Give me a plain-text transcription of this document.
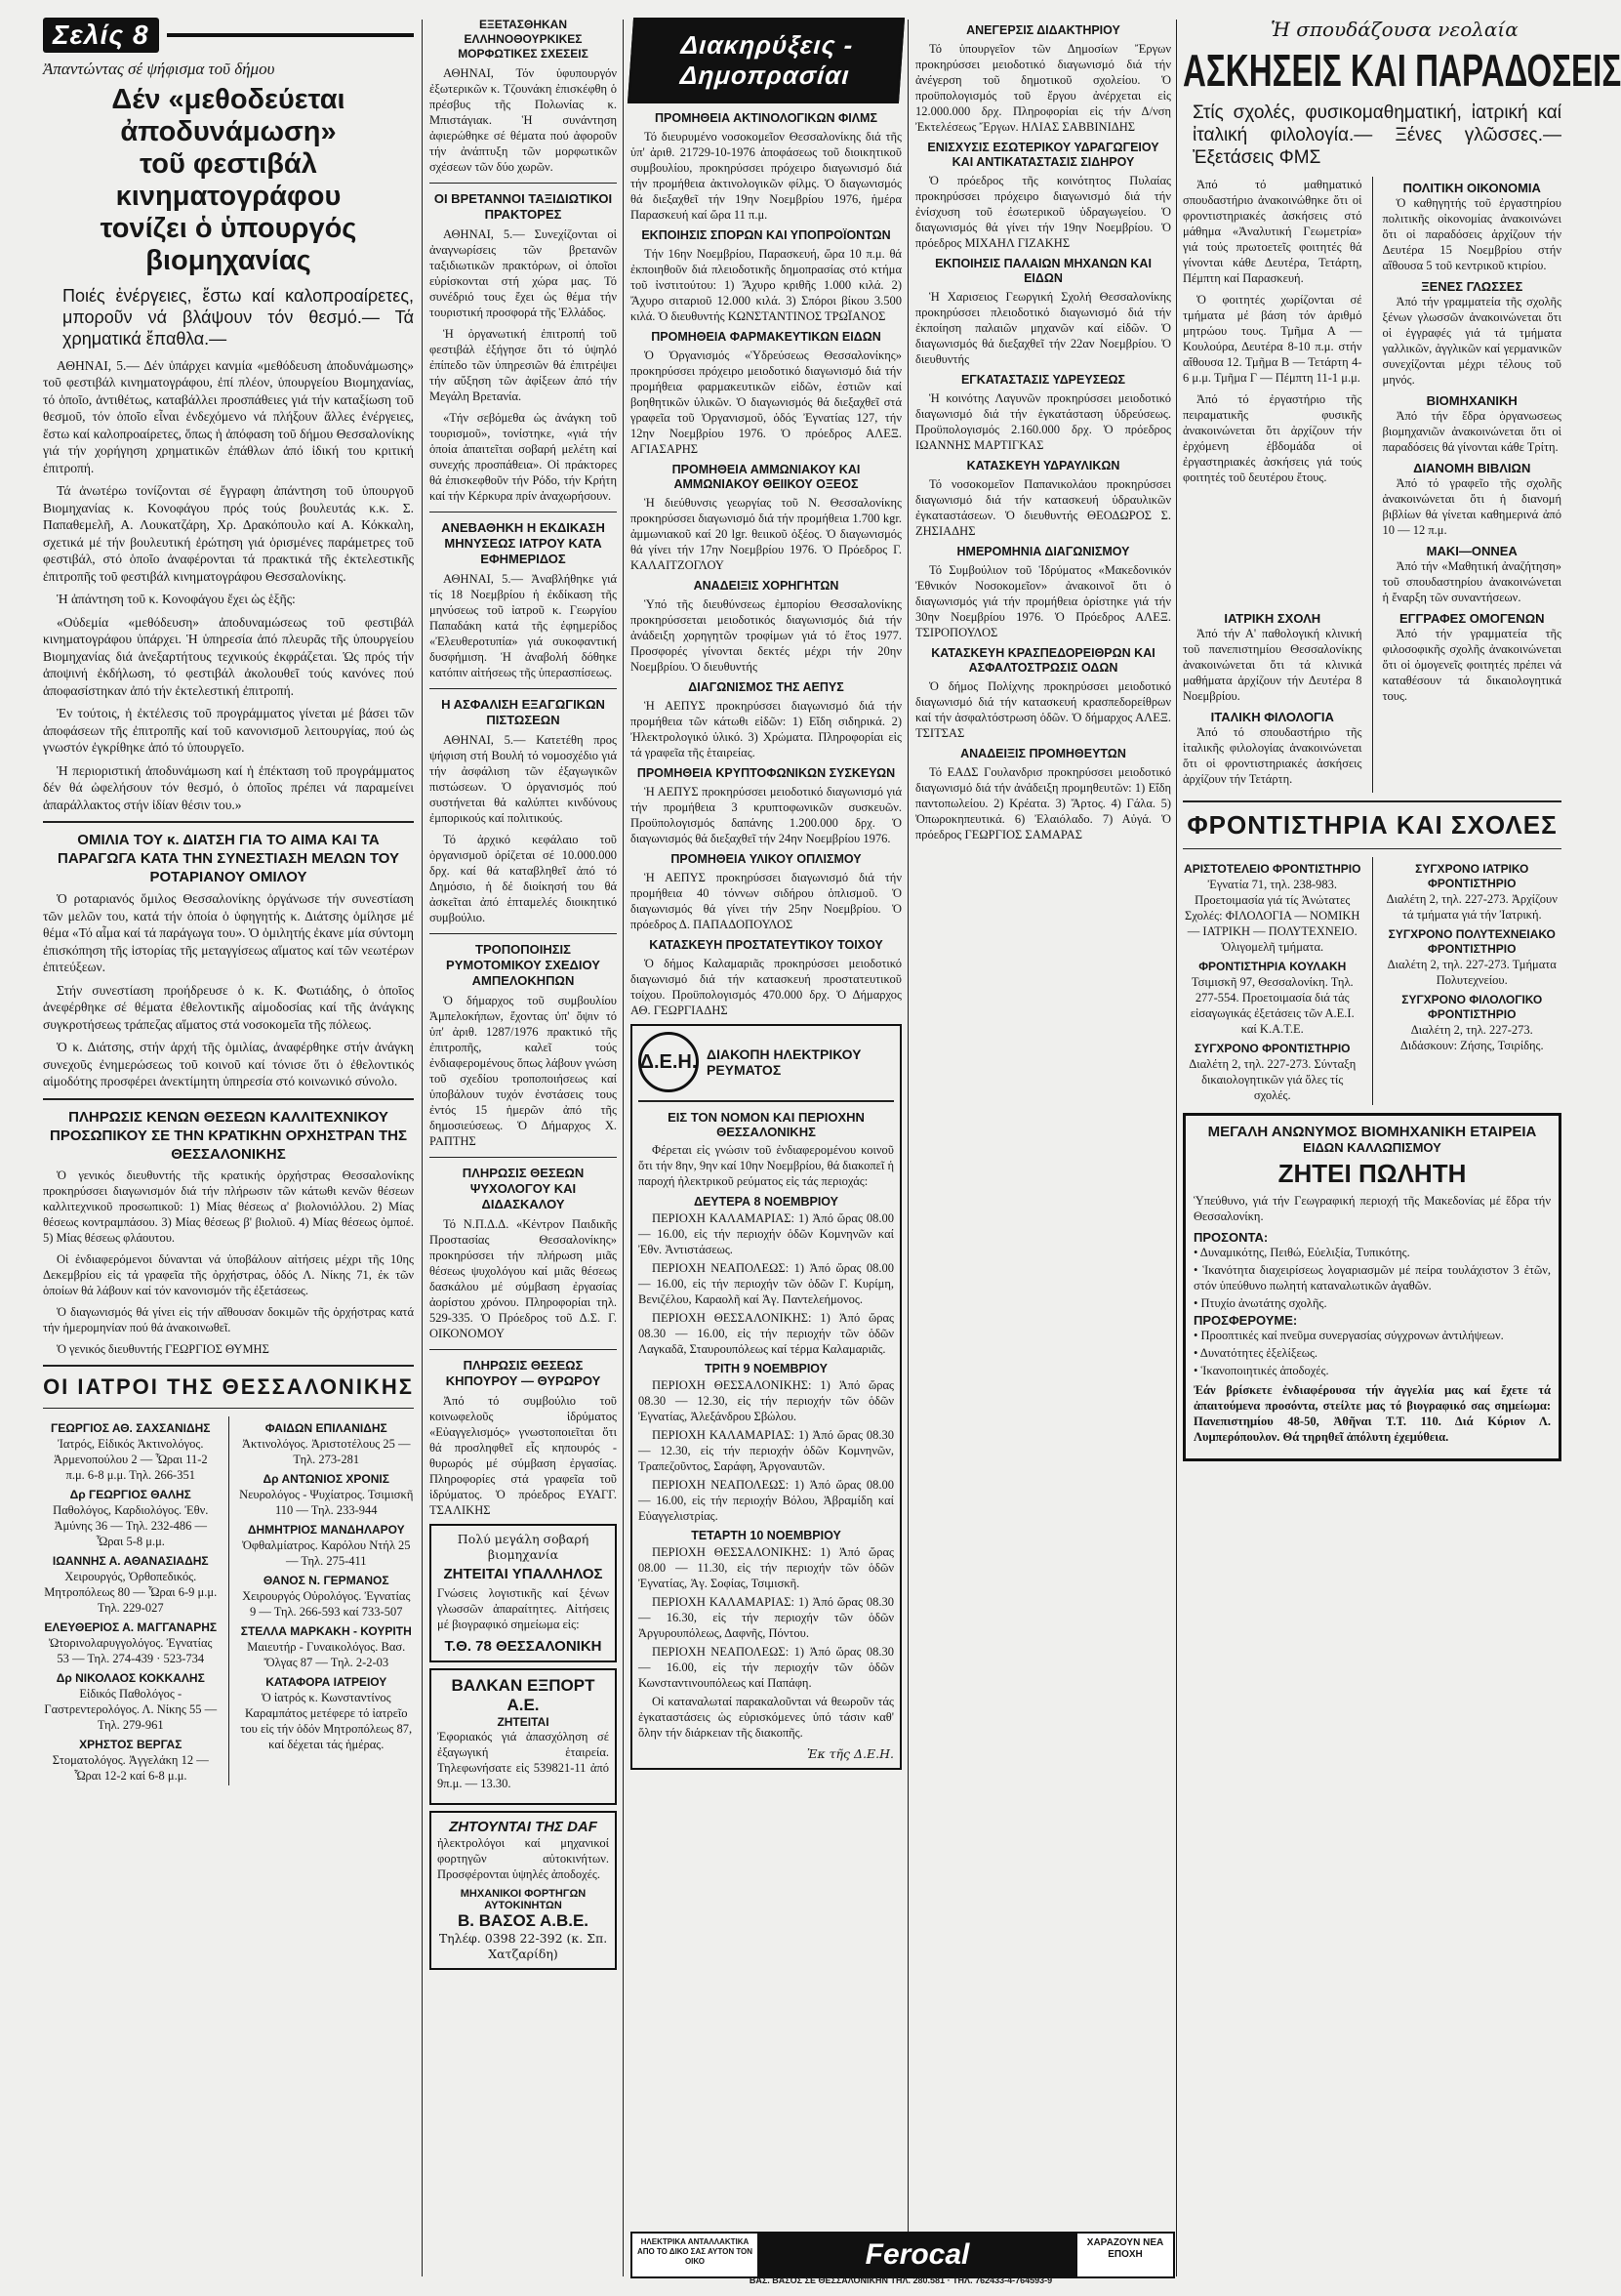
Σελίς 8
Ἀπαντώντας σέ ψήφισμα τοῦ δήμου
Δέν «μεθοδεύεται ἀποδυνάμωση»
τοῦ φεστιβάλ κινηματογράφου
τονίζει ὁ ὑπουργός βιομηχανίας
Ποιές ἐνέργειες, ἔστω καί καλοπροαίρετες, μποροῦν νά βλάψουν τόν θεσμό.— Τά χρηματικά ἔπαθλα.—

ΑΘΗΝΑΙ, 5.— Δέν ὑπάρχει κανμία «μεθόδευση ἀποδυνάμωσης» τοῦ φεστιβάλ κινηματογράφου, ἐπί πλέον, ὑπουργείου Βιομηχανίας, τό ὁποῖο, ἀντιθέτως, καταβάλλει προσπάθειες γιά τήν καταξίωση τοῦ θεσμοῦ, τόν ὁποῖο εἶναι ἐνδεχόμενο νά πλήξουν ἄλλες ἐνέργειες, ἔστω καί καλοπροαίρετες, ὅπως ἡ ἀπόφαση τοῦ δήμου Θεσσαλονίκης γιά τήν χορήγηση χρηματικῶν ἐπάθλων ἀπό ἰδική του κριτική ἐπιτροπή.

Τά ἀνωτέρω τονίζονται σέ ἔγγραφη ἀπάντηση τοῦ ὑπουργοῦ Βιομηχανίας κ. Κονοφάγου πρός τούς βουλευτάς κ.κ. Σ. Παπαθεμελῆ, Α. Λουκατζάρη, Χρ. Δρακόπουλο καί Α. Κόκκαλη, σχετικά μέ τήν βουλευτική ἐρώτηση γιά ὁρισμένες παράμετρες τοῦ φεστιβάλ, στό ὁποῖο ἀναφέρονται τά πρακτικά τῆς ἐκτελεστικῆς ἐπιτροπῆς τοῦ φεστιβάλ κινηματογράφου Θεσσαλονίκης.

Ἡ ἀπάντηση τοῦ κ. Κονοφάγου ἔχει ὡς ἑξῆς:

«Οὐδεμία «μεθόδευση» ἀποδυναμώσεως τοῦ φεστιβάλ κινηματογράφου ὑπάρχει. Ἡ ὑπηρεσία ἀπό πλευρᾶς τῆς ὑπουργείου Βιομηχανίας διά ἀνεξαρτήτους τεχνικούς ἐκφράζεται. Ὡς πρός τήν ἀποψινή ἐκδήλωση, τό φεστιβάλ ἀκολουθεῖ τούς κανόνες πού ἀποφασίστηκαν ἀπό τήν ἐκτελεστική ἐπιτροπή.

Ἐν τούτοις, ἡ ἐκτέλεσις τοῦ προγράμματος γίνεται μέ βάσει τῶν ἀποφάσεων τῆς ἐπιτροπῆς καί τοῦ κανονισμοῦ λειτουργίας, πού ὡς γνωστόν ἐγκρίθηκε ἀπό τό ὑπουργεῖο.

Ἡ περιοριστική ἀποδυνάμωση καί ἡ ἐπέκταση τοῦ προγράμματος δέν θά ὠφελήσουν τόν θεσμό, ὁ ὁποῖος πρέπει νά παραμείνει ἀπαράλλακτος στήν ἰδίαν θέσιν του.»

ΟΜΙΛΙΑ ΤΟΥ κ. ΔΙΑΤΣΗ ΓΙΑ ΤΟ ΑΙΜΑ ΚΑΙ ΤΑ ΠΑΡΑΓΩΓΑ ΚΑΤΑ ΤΗΝ ΣΥΝΕΣΤΙΑΣΗ ΜΕΛΩΝ ΤΟΥ ΡΟΤΑΡΙΑΝΟΥ ΟΜΙΛΟΥ

Ὁ ροταριανός ὅμιλος Θεσσαλονίκης ὀργάνωσε τήν συνεστίαση τῶν μελῶν του, κατά τήν ὁποία ὁ ὑφηγητής κ. Διάτσης ὁμίλησε μέ θέμα «Τό αἷμα καί τά παράγωγα του». Ὁ ὁμιλητής ἐκανε μία σύντομη ἐπισκόπηση τῆς ἱστορίας τῆς μεταγγίσεως αἵματος καί τῶν νεωτέρων ἐπιτεύξεων.

Στήν συνεστίαση προήδρευσε ὁ κ. Κ. Φωτιάδης, ὁ ὁποῖος ἀνεφέρθηκε σέ θέματα ἐθελοντικῆς αἱμοδοσίας καί τῆς ἀνάγκης συγκροτήσεως τράπεζας αἵματος στά νοσοκομεῖα τῆς πόλεως.

Ὁ κ. Διάτσης, στήν ἀρχή τῆς ὁμιλίας, ἀναφέρθηκε στήν ἀνάγκη συνεχοῦς ἐνημερώσεως τοῦ κοινοῦ καί τόνισε ὅτι ὁ ἐθελοντικός αἱμοδότης προσφέρει ἀνεκτίμητη ὑπηρεσία στό κοινωνικό σύνολο.

ΠΛΗΡΩΣΙΣ ΚΕΝΩΝ ΘΕΣΕΩΝ ΚΑΛΛΙΤΕΧΝΙΚΟΥ ΠΡΟΣΩΠΙΚΟΥ ΣΕ ΤΗΝ ΚΡΑΤΙΚΗΝ ΟΡΧΗΣΤΡΑΝ ΤΗΣ ΘΕΣΣΑΛΟΝΙΚΗΣ

Ὁ γενικός διευθυντής τῆς κρατικής ὀρχήστρας Θεσσαλονίκης προκηρύσσει διαγωνισμόν διά τήν πλήρωσιν τῶν κάτωθι κενῶν θέσεων καλλιτεχνικοῦ προσωπικοῦ: 1) Μίας θέσεως α' βιολονιόλλου. 2) Μίας θέσεως κοντραμπάσου. 3) Μίας θέσεως β' βιολιοῦ. 4) Μίας θέσεως ὀμποέ. 5) Μίας θέσεως φλάουτου.

Οἱ ἐνδιαφερόμενοι δύνανται νά ὑποβάλουν αἰτήσεις μέχρι τῆς 10ης Δεκεμβρίου εἰς τά γραφεῖα τῆς ὀρχήστρας, ὁδός Λ. Νίκης 71, ἐκ τῶν ὁποίων θά λάβουν καί τόν κανονισμόν τῆς ἐξετάσεως.

Ὁ διαγωνισμός θά γίνει εἰς τήν αἴθουσαν δοκιμῶν τῆς ὀρχήστρας κατά τήν ἡμερομηνίαν πού θά ἀνακοινωθεῖ.

Ὁ γενικός διευθυντής ΓΕΩΡΓΙΟΣ ΘΥΜΗΣ

ΟΙ ΙΑΤΡΟΙ ΤΗΣ ΘΕΣΣΑΛΟΝΙΚΗΣ
ΓΕΩΡΓΙΟΣ ΑΘ. ΣΑΧΣΑΝΙΔΗΣ
Ἰατρός, Εἰδικός Ἀκτινολόγος. Ἀρμενοπούλου 2 — Ὧραι 11-2 π.μ. 6-8 μ.μ. Τηλ. 266-351
Δρ ΓΕΩΡΓΙΟΣ ΘΑΛΗΣ
Παθολόγος, Καρδιολόγος. Ἐθν. Ἀμύνης 36 — Τηλ. 232-486 — Ὧραι 5-8 μ.μ.
ΙΩΑΝΝΗΣ Α. ΑΘΑΝΑΣΙΑΔΗΣ
Χειρουργός, Ὀρθοπεδικός. Μητροπόλεως 80 — Ὧραι 6-9 μ.μ. Τηλ. 229-027
ΕΛΕΥΘΕΡΙΟΣ Α. ΜΑΓΓΑΝΑΡΗΣ
Ὠτορινολαρυγγολόγος. Ἐγνατίας 53 — Τηλ. 274-439 · 523-734
Δρ ΝΙΚΟΛΑΟΣ ΚΟΚΚΑΛΗΣ
Εἰδικός Παθολόγος - Γαστρεντερολόγος. Λ. Νίκης 55 — Τηλ. 279-961
ΧΡΗΣΤΟΣ ΒΕΡΓΑΣ
Στοματολόγος. Ἀγγελάκη 12 — Ὧραι 12-2 καί 6-8 μ.μ.
ΦΑΙΔΩΝ ΕΠΙΛΑΝΙΔΗΣ
Ἀκτινολόγος. Ἀριστοτέλους 25 — Τηλ. 273-281
Δρ ΑΝΤΩΝΙΟΣ ΧΡΟΝΙΣ
Νευρολόγος - Ψυχίατρος. Τσιμισκῆ 110 — Τηλ. 233-944
ΔΗΜΗΤΡΙΟΣ ΜΑΝΔΗΛΑΡΟΥ
Ὀφθαλμίατρος. Καρόλου Ντήλ 25 — Τηλ. 275-411
ΘΑΝΟΣ Ν. ΓΕΡΜΑΝΟΣ
Χειρουργός Οὐρολόγος. Ἐγνατίας 9 — Τηλ. 266-593 καί 733-507
ΣΤΕΛΛΑ ΜΑΡΚΑΚΗ - ΚΟΥΡΙΤΗ
Μαιευτήρ - Γυναικολόγος. Βασ. Ὄλγας 87 — Τηλ. 2-2-03
ΚΑΤΑΦΟΡΑ ΙΑΤΡΕΙΟΥ
Ὁ ἰατρός κ. Κωνσταντίνος Καραμπάτος μετέφερε τό ἰατρεῖο του εἰς τήν ὁδόν Μητροπόλεως 87, καί δέχεται τάς ἡμέρας.
ΕΞΕΤΑΣΘΗΚΑΝ ΕΛΛΗΝΟΘΟΥΡΚΙΚΕΣ ΜΟΡΦΩΤΙΚΕΣ ΣΧΕΣΕΙΣ
ΑΘΗΝΑΙ, Τόν ὑφυπουργόν ἐξωτερικῶν κ. Τζουνάκη ἐπισκέφθη ὁ πρέσβυς τῆς Πολωνίας κ. Μπιστάγιακ. Ἡ συνάντηση ἀφιερώθηκε σέ θέματα πού ἀφοροῦν τήν ἀνάπτυξη τῶν μορφωτικῶν σχέσεων τῶν δύο χωρῶν.
ΟΙ ΒΡΕΤΑΝΝΟΙ ΤΑΞΙΔΙΩΤΙΚΟΙ ΠΡΑΚΤΟΡΕΣ

ΑΘΗΝΑΙ, 5.— Συνεχίζονται οἱ ἀναγνωρίσεις τῶν βρετανῶν ταξιδιωτικῶν πρακτόρων, οἱ ὁποῖοι εὑρίσκονται στή χώρα μας. Τό συνέδριό τους ἔχει ὡς θέμα τήν τουριστική προσφορά τῆς Ἑλλάδος.

Ἡ ὀργανωτική ἐπιτροπή τοῦ φεστιβάλ ἐξήγησε ὅτι τό ὑψηλό ἐπίπεδο τῶν ὑπηρεσιῶν θά ἐπιτρέψει τήν αὔξηση τῶν ἀφίξεων ἀπό τήν Μεγάλη Βρετανία.

«Τήν σεβόμεθα ὡς ἀνάγκη τοῦ τουρισμοῦ», τονίστηκε, «γιά τήν ὁποία ἀπαιτεῖται σοβαρή μελέτη καί συνεχής προσπάθεια». Οἱ πράκτορες θά ἐπισκεφθοῦν τήν Ρόδο, τήν Κρήτη καί τήν Κέρκυρα πρίν ἀναχωρήσουν.

ΑΝΕΒΑΘΗΚΗ Η ΕΚΔΙΚΑΣΗ ΜΗΝΥΣΕΩΣ ΙΑΤΡΟΥ ΚΑΤΑ ΕΦΗΜΕΡΙΔΟΣ
ΑΘΗΝΑΙ, 5.— Ἀναβλήθηκε γιά τίς 18 Νοεμβρίου ἡ ἐκδίκαση τῆς μηνύσεως τοῦ ἰατροῦ κ. Γεωργίου Παπαδάκη κατά τῆς ἐφημερίδος «Ἐλευθεροτυπία» γιά συκοφαντική δυσφήμιση. Ἡ ἀναβολή δόθηκε κατόπιν αἰτήσεως τῆς ὑπερασπίσεως.
Η ΑΣΦΑΛΙΣΗ ΕΞΑΓΩΓΙΚΩΝ ΠΙΣΤΩΣΕΩΝ

ΑΘΗΝΑΙ, 5.— Κατετέθη προς ψήφιση στή Βουλή τό νομοσχέδιο γιά τήν ἀσφάλιση τῶν ἐξαγωγικῶν πιστώσεων. Ὁ ὀργανισμός πού συστήνεται θά καλύπτει κινδύνους ἐμπορικούς καί πολιτικούς.

Τό ἀρχικό κεφάλαιο τοῦ ὀργανισμοῦ ὁρίζεται σέ 10.000.000 δρχ. καί θά καταβληθεῖ ἀπό τό Δημόσιο, ἡ δέ διοίκησή του θά ἀσκεῖται ἀπό ἑπταμελές διοικητικό συμβούλιο.

ΤΡΟΠΟΠΟΙΗΣΙΣ ΡΥΜΟΤΟΜΙΚΟΥ ΣΧΕΔΙΟΥ ΑΜΠΕΛΟΚΗΠΩΝ
Ὁ δήμαρχος τοῦ συμβουλίου Ἀμπελοκήπων, ἔχοντας ὑπ' ὄψιν τό ὑπ' ἀριθ. 1287/1976 πρακτικό τῆς ἐπιτροπῆς, καλεῖ τούς ἐνδιαφερομένους ὅπως λάβουν γνώση τοῦ σχεδίου τροποποιήσεως καί ὑποβάλουν τυχόν ἐνστάσεις τους ἐντός 15 ἡμερῶν ἀπό τῆς δημοσιεύσεως. Ὁ Δήμαρχος Χ. ΡΑΠΤΗΣ
ΠΛΗΡΩΣΙΣ ΘΕΣΕΩΝ ΨΥΧΟΛΟΓΟΥ ΚΑΙ ΔΙΔΑΣΚΑΛΟΥ
Τό Ν.Π.Δ.Δ. «Κέντρον Παιδικῆς Προστασίας Θεσσαλονίκης» προκηρύσσει τήν πλήρωση μιᾶς θέσεως ψυχολόγου καί μιᾶς θέσεως δασκάλου μέ σύμβαση ἐργασίας ἀορίστου χρόνου. Πληροφορίαι τηλ. 529-335. Ὁ Πρόεδρος τοῦ Δ.Σ. Γ. ΟΙΚΟΝΟΜΟΥ
ΠΛΗΡΩΣΙΣ ΘΕΣΕΩΣ ΚΗΠΟΥΡΟΥ — ΘΥΡΩΡΟΥ
Ἀπό τό συμβούλιο τοῦ κοινωφελοῦς ἱδρύματος «Εὐαγγελισμός» γνωστοποιεῖται ὅτι θά προσληφθεῖ εἷς κηπουρός - θυρωρός μέ σύμβαση ἐργασίας. Πληροφορίες στά γραφεῖα τοῦ ἱδρύματος. Ὁ πρόεδρος ΕΥΑΓΓ. ΤΣΑΛΙΚΗΣ
Πολύ μεγάλη σοβαρή βιομηχανία
ΖΗΤΕΙΤΑΙ ΥΠΑΛΛΗΛΟΣ
Γνώσεις λογιστικῆς καί ξένων γλωσσῶν ἀπαραίτητες. Αἰτήσεις μέ βιογραφικό σημείωμα εἰς:
Τ.Θ. 78 ΘΕΣΣΑΛΟΝΙΚΗ
ΒΑΛΚΑΝ ΕΞΠΟΡΤ Α.Ε.
ΖΗΤΕΙΤΑΙ
Ἐφοριακός γιά ἀπασχόληση σέ ἐξαγωγική ἑταιρεία. Τηλεφωνήσατε εἰς 539821-11 ἀπό 9π.μ. — 13.30.
ΖΗΤΟΥΝΤΑΙ ΤΗΣ DAF
ἠλεκτρολόγοι καί μηχανικοί φορτηγῶν αὐτοκινήτων. Προσφέρονται ὑψηλές ἀποδοχές.
ΜΗΧΑΝΙΚΟΙ ΦΟΡΤΗΓΩΝ ΑΥΤΟΚΙΝΗΤΩΝ
Β. ΒΑΣΟΣ Α.Β.Ε.
Τηλέφ. 0398 22-392 (κ. Σπ. Χατζαρίδη)
Διακηρύξεις - Δημοπρασίαι
ΠΡΟΜΗΘΕΙΑ ΑΚΤΙΝΟΛΟΓΙΚΩΝ ΦΙΛΜΣ

Τό διευρυμένο νοσοκομεῖον Θεσσαλονίκης διά τῆς ὑπ' ἀριθ. 21729-10-1976 ἀποφάσεως τοῦ διοικητικοῦ συμβουλίου, προκηρύσσει πρόχειρο διαγωνισμό διά τήν προμήθεια ἀκτινολογικῶν φίλμς. Ὁ διαγωνισμός θά διεξαχθεῖ τήν 19ην Νοεμβρίου 1976, ἡμέρα Παρασκευή καί ὥρα 11 π.μ.

ΕΚΠΟΙΗΣΙΣ ΣΠΟΡΩΝ ΚΑΙ ΥΠΟΠΡΟΪΟΝΤΩΝ

Τήν 16ην Νοεμβρίου, Παρασκευή, ὥρα 10 π.μ. θά ἐκποιηθοῦν διά πλειοδοτικῆς δημοπρασίας στό κτήμα τοῦ ἰνστιτούτου: 1) Ἄχυρο κριθῆς 1.000 κιλά. 2) Ἄχυρο σιταριοῦ 12.000 κιλά. 3) Σπόροι βίκου 3.500 κιλά. Ὁ διευθυντής ΚΩΝΣΤΑΝΤΙΝΟΣ ΤΡΩΪΑΝΟΣ

ΠΡΟΜΗΘΕΙΑ ΦΑΡΜΑΚΕΥΤΙΚΩΝ ΕΙΔΩΝ

Ὁ Ὀργανισμός «Ὑδρεύσεως Θεσσαλονίκης» προκηρύσσει πρόχειρο μειοδοτικό διαγωνισμό διά τήν προμήθεια φαρμακευτικῶν εἰδῶν, ἐστιῶν καί βοηθητικῶν ὑλικῶν. Ὁ διαγωνισμός θά διεξαχθεῖ στά γραφεῖα τοῦ Ὀργανισμοῦ, ὁδός Ἐγνατίας 127, τήν 12ην Νοεμβρίου 1976. Ὁ πρόεδρος ΑΛΕΞ. ΑΓΙΑΣΑΡΗΣ

ΠΡΟΜΗΘΕΙΑ ΑΜΜΩΝΙΑΚΟΥ ΚΑΙ ΑΜΜΩΝΙΑΚΟΥ ΘΕΙΙΚΟΥ ΟΞΕΟΣ

Ἡ διεύθυνσις γεωργίας τοῦ Ν. Θεσσαλονίκης προκηρύσσει διαγωνισμό διά τήν προμήθεια 1.700 kgr. ἀμμωνιακοῦ καί 20 lgr. θειικοῦ ὀξέος. Ὁ διαγωνισμός θά γίνει τήν 17ην Νοεμβρίου 1976. Ὁ Πρόεδρος Γ. ΚΑΛΑΙΤΖΟΓΛΟΥ

ΑΝΑΔΕΙΞΙΣ ΧΟΡΗΓΗΤΩΝ

Ὑπό τῆς διευθύνσεως ἐμπορίου Θεσσαλονίκης προκηρύσσεται μειοδοτικός διαγωνισμός διά τήν ἀνάδειξη χορηγητῶν τροφίμων γιά τό ἔτος 1977. Προσφορές γίνονται δεκτές μέχρι τήν 20ην Νοεμβρίου. Ὁ διευθυντής

ΔΙΑΓΩΝΙΣΜΟΣ ΤΗΣ ΑΕΠΥΣ

Ἡ ΑΕΠΥΣ προκηρύσσει διαγωνισμό διά τήν προμήθεια τῶν κάτωθι εἰδῶν: 1) Εἴδη σιδηρικά. 2) Ἠλεκτρολογικό ὑλικό. 3) Χρώματα. Πληροφορίαι εἰς τά γραφεῖα τῆς ἑταιρείας.

ΠΡΟΜΗΘΕΙΑ ΚΡΥΠΤΟΦΩΝΙΚΩΝ ΣΥΣΚΕΥΩΝ

Ἡ ΑΕΠΥΣ προκηρύσσει μειοδοτικό διαγωνισμό γιά τήν προμήθεια 3 κρυπτοφωνικῶν συσκευῶν. Προϋπολογισμός δαπάνης 1.200.000 δρχ. Ὁ διαγωνισμός θά διεξαχθεῖ τήν 24ην Νοεμβρίου 1976.

ΠΡΟΜΗΘΕΙΑ ΥΛΙΚΟΥ ΟΠΛΙΣΜΟΥ

Ἡ ΑΕΠΥΣ προκηρύσσει διαγωνισμό διά τήν προμήθεια 40 τόννων σιδήρου ὁπλισμοῦ. Ὁ διαγωνισμός θά γίνει τήν 25ην Νοεμβρίου. Ὁ πρόεδρος Δ. ΠΑΠΑΔΟΠΟΥΛΟΣ

ΚΑΤΑΣΚΕΥΗ ΠΡΟΣΤΑΤΕΥΤΙΚΟΥ ΤΟΙΧΟΥ

Ὁ δήμος Καλαμαριᾶς προκηρύσσει μειοδοτικό διαγωνισμό διά τήν κατασκευή προστατευτικοῦ τοίχου. Προϋπολογισμός 470.000 δρχ. Ὁ Δήμαρχος ΑΘ. ΓΕΩΡΓΙΑΔΗΣ

Δ.Ε.Η. ΔΙΑΚΟΠΗ ΗΛΕΚΤΡΙΚΟΥ ΡΕΥΜΑΤΟΣ
ΕΙΣ ΤΟΝ ΝΟΜΟΝ ΚΑΙ ΠΕΡΙΟΧΗΝ ΘΕΣΣΑΛΟΝΙΚΗΣ
Φέρεται εἰς γνώσιν τοῦ ἐνδιαφερομένου κοινοῦ ὅτι τήν 8ην, 9ην καί 10ην Νοεμβρίου, θά διακοπεῖ ἡ παροχή ἠλεκτρικοῦ ρεύματος εἰς τάς περιοχάς:
ΔΕΥΤΕΡΑ 8 ΝΟΕΜΒΡΙΟΥ

ΠΕΡΙΟΧΗ ΚΑΛΑΜΑΡΙΑΣ: 1) Ἀπό ὥρας 08.00 — 16.00, εἰς τήν περιοχήν ὁδῶν Κομνηνῶν καί Ἐθν. Ἀντιστάσεως.

ΠΕΡΙΟΧΗ ΝΕΑΠΟΛΕΩΣ: 1) Ἀπό ὥρας 08.00 — 16.00, εἰς τήν περιοχήν τῶν ὁδῶν Γ. Κυρίμη, Βενιζέλου, Καραολῆ καί Ἁγ. Παντελεήμονος.

ΠΕΡΙΟΧΗ ΘΕΣΣΑΛΟΝΙΚΗΣ: 1) Ἀπό ὥρας 08.30 — 16.00, εἰς τήν περιοχήν τῶν ὁδῶν Λαγκαδᾶ, Σταυρουπόλεως καί τέρμα Καλαμαριᾶς.

ΤΡΙΤΗ 9 ΝΟΕΜΒΡΙΟΥ

ΠΕΡΙΟΧΗ ΘΕΣΣΑΛΟΝΙΚΗΣ: 1) Ἀπό ὥρας 08.30 — 12.30, εἰς τήν περιοχήν τῶν ὁδῶν Ἐγνατίας, Ἀλεξάνδρου Σβώλου.

ΠΕΡΙΟΧΗ ΚΑΛΑΜΑΡΙΑΣ: 1) Ἀπό ὥρας 08.30 — 12.30, εἰς τήν περιοχήν ὁδῶν Κομνηνῶν, Τραπεζοῦντος, Σαράφη, Ἀργοναυτῶν.

ΠΕΡΙΟΧΗ ΝΕΑΠΟΛΕΩΣ: 1) Ἀπό ὥρας 08.00 — 16.00, εἰς τήν περιοχήν Βόλου, Ἀβραμίδη καί Εὐαγγελιστρίας.

ΤΕΤΑΡΤΗ 10 ΝΟΕΜΒΡΙΟΥ

ΠΕΡΙΟΧΗ ΘΕΣΣΑΛΟΝΙΚΗΣ: 1) Ἀπό ὥρας 08.00 — 11.30, εἰς τήν περιοχήν τῶν ὁδῶν Ἐγνατίας, Ἁγ. Σοφίας, Τσιμισκῆ.

ΠΕΡΙΟΧΗ ΚΑΛΑΜΑΡΙΑΣ: 1) Ἀπό ὥρας 08.30 — 16.30, εἰς τήν περιοχήν τῶν ὁδῶν Ἀργυρουπόλεως, Δαφνῆς, Πόντου.

ΠΕΡΙΟΧΗ ΝΕΑΠΟΛΕΩΣ: 1) Ἀπό ὥρας 08.30 — 16.00, εἰς τήν περιοχήν τῶν ὁδῶν Κωνσταντινουπόλεως καί Παπάφη.

Οἱ καταναλωταί παρακαλοῦνται νά θεωροῦν τάς ἐγκαταστάσεις ὡς εὑρισκόμενες ὑπό τάσιν καθ' ὅλην τήν διάρκειαν τῆς διακοπῆς.
Ἐκ τῆς Δ.Ε.Η.
ΑΝΕΓΕΡΣΙΣ ΔΙΔΑΚΤΗΡΙΟΥ

Τό ὑπουργεῖον τῶν Δημοσίων Ἔργων προκηρύσσει μειοδοτικό διαγωνισμό διά τήν ἀνέγερση τοῦ δημοτικοῦ σχολείου. Ὁ προϋπολογισμός τοῦ ἔργου ἀνέρχεται εἰς 12.000.000 δρχ. Πληροφορίαι εἰς τήν Δ/νση Ἐκτελέσεως Ἔργων. ΗΛΙΑΣ ΣΑΒΒΙΝΙΔΗΣ

ΕΝΙΣΧΥΣΙΣ ΕΣΩΤΕΡΙΚΟΥ ΥΔΡΑΓΩΓΕΙΟΥ ΚΑΙ ΑΝΤΙΚΑΤΑΣΤΑΣΙΣ ΣΙΔΗΡΟΥ

Ὁ πρόεδρος τῆς κοινότητος Πυλαίας προκηρύσσει πρόχειρο διαγωνισμό διά τήν ἐνίσχυση τοῦ ἐσωτερικοῦ ὑδραγωγείου. Ὁ διαγωνισμός θά γίνει τήν 19ην Νοεμβρίου. Ὁ πρόεδρος ΜΙΧΑΗΛ ΓΙΖΑΚΗΣ

ΕΚΠΟΙΗΣΙΣ ΠΑΛΑΙΩΝ ΜΗΧΑΝΩΝ ΚΑΙ ΕΙΔΩΝ

Ἡ Χαρισειος Γεωργική Σχολή Θεσσαλονίκης προκηρύσσει πλειοδοτικό διαγωνισμό διά τήν ἐκποίηση παλαιῶν μηχανῶν καί εἰδῶν. Ὁ διαγωνισμός θά διεξαχθεῖ τήν 22αν Νοεμβρίου. Ὁ διευθυντής

ΕΓΚΑΤΑΣΤΑΣΙΣ ΥΔΡΕΥΣΕΩΣ

Ἡ κοινότης Λαγυνῶν προκηρύσσει μειοδοτικό διαγωνισμό διά τήν ἐγκατάσταση ὑδρεύσεως. Προϋπολογισμός 2.160.000 δρχ. Ὁ πρόεδρος ΙΩΑΝΝΗΣ ΜΑΡΤΙΓΚΑΣ

ΚΑΤΑΣΚΕΥΗ ΥΔΡΑΥΛΙΚΩΝ

Τό νοσοκομεῖον Παπανικολάου προκηρύσσει διαγωνισμό διά τήν κατασκευή ὑδραυλικῶν ἐγκαταστάσεων. Ὁ διευθυντής ΘΕΟΔΩΡΟΣ Σ. ΖΗΣΙΑΔΗΣ

ΗΜΕΡΟΜΗΝΙΑ ΔΙΑΓΩΝΙΣΜΟΥ

Τό Συμβούλιον τοῦ Ἱδρύματος «Μακεδονικόν Ἐθνικόν Νοσοκομεῖον» ἀνακοινοῖ ὅτι ὁ διαγωνισμός γιά τήν προμήθεια ὁρίστηκε γιά τήν 30ην Νοεμβρίου 1976. Ὁ Πρόεδρος ΑΛΕΞ. ΤΣΙΡΟΠΟΥΛΟΣ

ΚΑΤΑΣΚΕΥΗ ΚΡΑΣΠΕΔΟΡΕΙΘΡΩΝ ΚΑΙ ΑΣΦΑΛΤΟΣΤΡΩΣΙΣ ΟΔΩΝ

Ὁ δήμος Πολίχνης προκηρύσσει μειοδοτικό διαγωνισμό διά τήν κατασκευή κρασπεδορείθρων καί τήν ἀσφαλτόστρωση ὁδῶν. Ὁ δήμαρχος ΑΛΕΞ. ΤΣΙΤΣΑΣ

ΑΝΑΔΕΙΞΙΣ ΠΡΟΜΗΘΕΥΤΩΝ

Τό ΕΑΔΣ Γουλανδρισ προκηρύσσει μειοδοτικό διαγωνισμό διά τήν ἀνάδειξη προμηθευτῶν: 1) Εἴδη παντοπωλείου. 2) Κρέατα. 3) Ἄρτος. 4) Γάλα. 5) Ὀπωροκηπευτικά. 6) Ἐλαιόλαδο. 7) Αὐγά. Ὁ πρόεδρος ΓΕΩΡΓΙΟΣ ΣΑΜΑΡΑΣ

Ἡ σπουδάζουσα νεολαία
ΑΣΚΗΣΕΙΣ ΚΑΙ ΠΑΡΑΔΟΣΕΙΣ
Στίς σχολές, φυσικομαθηματική, ἰατρική καί ἰταλική φιλολογία.— Ξένες γλῶσσες.— Ἐξετάσεις ΦΜΣ

Ἀπό τό μαθηματικό σπουδαστήριο ἀνακοινώθηκε ὅτι οἱ φροντιστηριακές ἀσκήσεις στό μάθημα «Ἀναλυτική Γεωμετρία» γιά τούς πρωτοετεῖς φοιτητές θά γίνονται κάθε Δευτέρα, Τετάρτη, Πέμπτη καί Παρασκευή.

Ὁ φοιτητές χωρίζονται σέ τμήματα μέ βάση τόν ἀριθμό μητρώου τους. Τμῆμα Α — Κουλούρα, Δευτέρα 8-10 π.μ. στήν αἴθουσα 12. Τμῆμα Β — Τετάρτη 4-6 μ.μ. Τμῆμα Γ — Πέμπτη 11-1 μ.μ.

Ἀπό τό ἐργαστήριο τῆς πειραματικῆς φυσικῆς ἀνακοινώνεται ὅτι ἀρχίζουν τήν ἐρχόμενη ἑβδομάδα οἱ ἐργαστηριακές ἀσκήσεις γιά τούς φοιτητές τοῦ δευτέρου ἔτους.

ΠΟΛΙΤΙΚΗ ΟΙΚΟΝΟΜΙΑ
Ὁ καθηγητής τοῦ ἐργαστηρίου πολιτικῆς οἰκονομίας ἀνακοινώνει ὅτι οἱ παραδόσεις ἀρχίζουν τήν Δευτέρα 15 Νοεμβρίου στήν αἴθουσα 5 τοῦ κεντρικοῦ κτιρίου.
ΞΕΝΕΣ ΓΛΩΣΣΕΣ
Ἀπό τήν γραμματεία τῆς σχολῆς ξένων γλωσσῶν ἀνακοινώνεται ὅτι οἱ ἐγγραφές γιά τά τμήματα γαλλικῶν, ἀγγλικῶν καί γερμανικῶν συνεχίζονται μέχρι τέλους τοῦ μηνός.
ΒΙΟΜΗΧΑΝΙΚΗ
Ἀπό τήν ἕδρα ὀργανωσεως βιομηχανιῶν ἀνακοινώνεται ὅτι οἱ παραδόσεις θά γίνονται κάθε Τρίτη.
ΔΙΑΝΟΜΗ ΒΙΒΛΙΩΝ
Ἀπό τό γραφεῖο τῆς σχολῆς ἀνακοινώνεται ὅτι ἡ διανομή βιβλίων θά γίνεται καθημερινά ἀπό 10 — 12 π.μ.
ΜΑΚΙ—ΟΝΝΕΑ
Ἀπό τήν «Μαθητική ἀναζήτηση» τοῦ σπουδαστηρίου ἀνακοινώνεται ἡ ἔναρξη τῶν συναντήσεων.
ΙΑΤΡΙΚΗ ΣΧΟΛΗ
Ἀπό τήν Α' παθολογική κλινική τοῦ πανεπιστημίου Θεσσαλονίκης ἀνακοινώνεται ὅτι τά κλινικά μαθήματα ἀρχίζουν τήν Δευτέρα 8 Νοεμβρίου.
ΙΤΑΛΙΚΗ ΦΙΛΟΛΟΓΙΑ
Ἀπό τό σπουδαστήριο τῆς ἰταλικῆς φιλολογίας ἀνακοινώνεται ὅτι οἱ φροντιστηριακές ἀσκήσεις ἀρχίζουν τήν Τετάρτη.
ΕΓΓΡΑΦΕΣ ΟΜΟΓΕΝΩΝ
Ἀπό τήν γραμματεία τῆς φιλοσοφικῆς σχολῆς ἀνακοινώνεται ὅτι οἱ ὁμογενεῖς φοιτητές πρέπει νά καταθέσουν τά δικαιολογητικά τους.
ΦΡΟΝΤΙΣΤΗΡΙΑ ΚΑΙ ΣΧΟΛΕΣ
ΑΡΙΣΤΟΤΕΛΕΙΟ ΦΡΟΝΤΙΣΤΗΡΙΟ
Ἐγνατία 71, τηλ. 238-983. Προετοιμασία γιά τίς Ἀνώτατες Σχολές: ΦΙΛΟΛΟΓΙΑ — ΝΟΜΙΚΗ — ΙΑΤΡΙΚΗ — ΠΟΛΥΤΕΧΝΕΙΟ. Ὁλιγομελῆ τμήματα.
ΦΡΟΝΤΙΣΤΗΡΙΑ ΚΟΥΛΑΚΗ
Τσιμισκῆ 97, Θεσσαλονίκη. Τηλ. 277-554. Προετοιμασία διά τάς εἰσαγωγικάς ἐξετάσεις τῶν Α.Ε.Ι. καί Κ.Α.Τ.Ε.
ΣΥΓΧΡΟΝΟ ΦΡΟΝΤΙΣΤΗΡΙΟ
Διαλέτη 2, τηλ. 227-273. Σύνταξη δικαιολογητικῶν γιά ὅλες τίς σχολές.
ΣΥΓΧΡΟΝΟ ΙΑΤΡΙΚΟ ΦΡΟΝΤΙΣΤΗΡΙΟ
Διαλέτη 2, τηλ. 227-273. Ἀρχίζουν τά τμήματα γιά τήν Ἰατρική.
ΣΥΓΧΡΟΝΟ ΠΟΛΥΤΕΧΝΕΙΑΚΟ ΦΡΟΝΤΙΣΤΗΡΙΟ
Διαλέτη 2, τηλ. 227-273. Τμήματα Πολυτεχνείου.
ΣΥΓΧΡΟΝΟ ΦΙΛΟΛΟΓΙΚΟ ΦΡΟΝΤΙΣΤΗΡΙΟ
Διαλέτη 2, τηλ. 227-273. Διδάσκουν: Ζήσης, Τσιρίδης.
ΜΕΓΑΛΗ ΑΝΩΝΥΜΟΣ ΒΙΟΜΗΧΑΝΙΚΗ ΕΤΑΙΡΕΙΑ
ΕΙΔΩΝ ΚΑΛΛΩΠΙΣΜΟΥ
ΖΗΤΕΙ ΠΩΛΗΤΗ
Ὑπεύθυνο, γιά τήν Γεωγραφική περιοχή τῆς Μακεδονίας μέ ἕδρα τήν Θεσσαλονίκη.
ΠΡΟΣΟΝΤΑ:
• Δυναμικότης, Πειθώ, Εὐελιξία, Τυπικότης.
• Ἱκανότητα διαχειρίσεως λογαριασμῶν μέ πείρα τουλάχιστον 3 ἐτῶν, στόν ὑπεύθυνο πωλητή καταναλωτικῶν ἀγαθῶν.
• Πτυχίο ἀνωτάτης σχολῆς.
ΠΡΟΣΦΕΡΟΥΜΕ:
• Προοπτικές καί πνεῦμα συνεργασίας σύγχρονων ἀντιλήψεων.
• Δυνατότητες ἐξελίξεως.
• Ἱκανοποιητικές ἀποδοχές.
Ἐάν βρίσκετε ἐνδιαφέρουσα τήν ἀγγελία μας καί ἔχετε τά ἀπαιτούμενα προσόντα, στείλτε μας τό βιογραφικό σας σημείωμα: Πανεπιστημίου 48-50, Ἀθῆναι Τ.Τ. 110. Διά Κύριον Λ. Λυμπερόπουλον. Θά τηρηθεῖ ἀπόλυτη ἐχεμύθεια.
ΗΛΕΚΤΡΙΚΑ ΑΝΤΑΛΛΑΚΤΙΚΑ ΑΠΟ ΤΟ ΔΙΚΟ ΣΑΣ ΑΥΤΟΝ ΤΟΝ ΟΙΚΟ	Ferocal	ΧΑΡΑΖΟΥΝ ΝΕΑ ΕΠΟΧΗ
ΒΑΣ. ΒΑΣΟΣ ΣΕ ΘΕΣΣΑΛΟΝΙΚΗΝ ΤΗΛ. 280.581 · ΤΗΛ. 762433-4-764593-9
